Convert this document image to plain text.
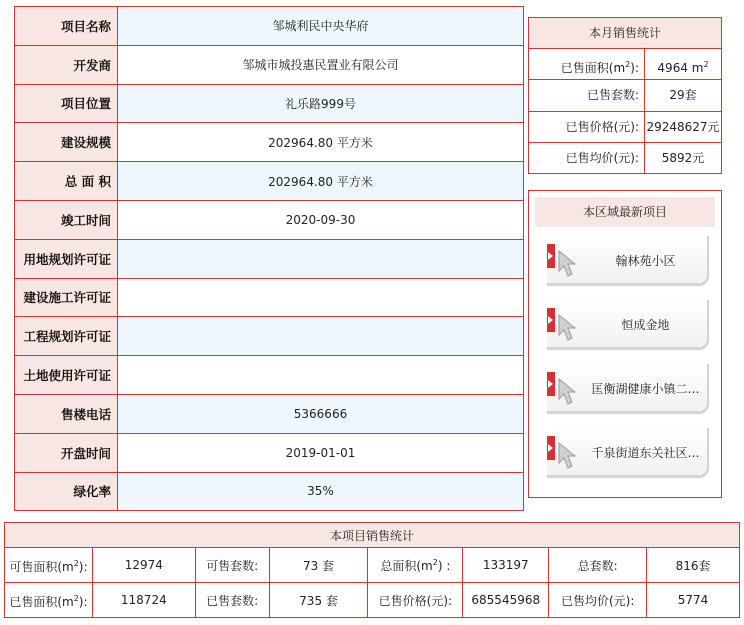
项目名称	邹城利民中央华府
开发商	邹城市城投惠民置业有限公司
项目位置	礼乐路999号
建设规模	202964.80 平方米
总 面 积	202964.80 平方米
竣工时间	2020-09-30
用地规划许可证	
建设施工许可证	
工程规划许可证	
土地使用许可证	
售楼电话	5366666
开盘时间	2019-01-01
绿化率	35%
本月销售统计
已售面积$(m^2)$:	4964 $m^2$
已售套数:	29套
已售价格(元): 29248627元
已售均价(元):	5892元
本区域最新项目
翰林苑小区
恒成金地
匡衡湖健康小镇二…
千泉街道东关社区…
本项目销售统计							
可售面积$(m^2)$:	12974	可售套数:	73 套	总面积$(m^2)$ :	133197	总套数:	816套
已售面积$(m^2)$:	118724	已售套数:	735 套	已售价格(元):	685545968	已售均价(元):	5774
